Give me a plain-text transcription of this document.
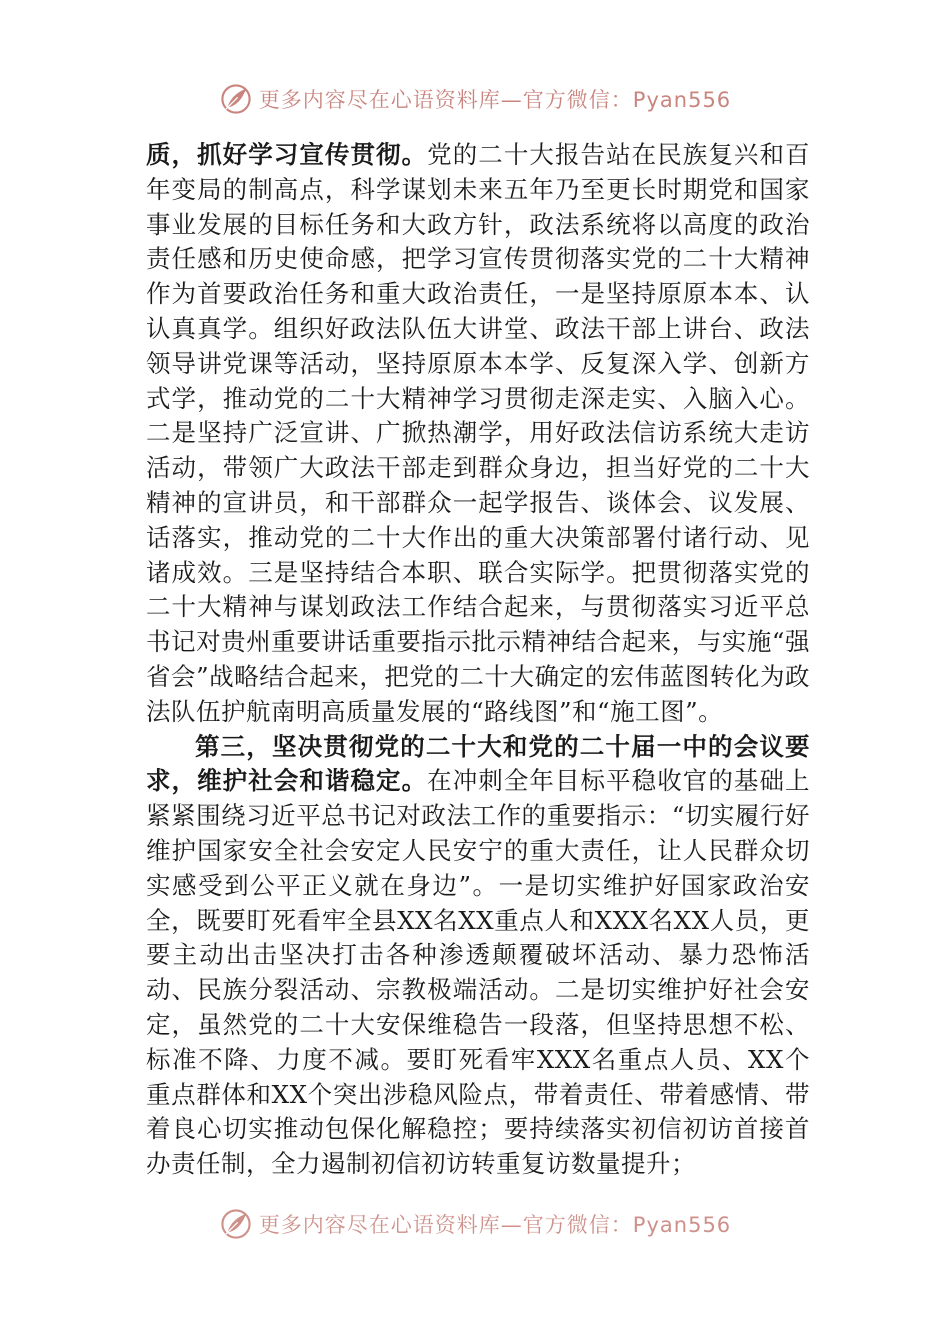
更多内容尽在心语资料库—官方微信：Pyan556

质，抓好学习宣传贯彻。党的二十大报告站在民族复兴和百年变局的制高点，科学谋划未来五年乃至更长时期党和国家事业发展的目标任务和大政方针，政法系统将以高度的政治责任感和历史使命感，把学习宣传贯彻落实党的二十大精神作为首要政治任务和重大政治责任，一是坚持原原本本、认认真真学。组织好政法队伍大讲堂、政法干部上讲台、政法领导讲党课等活动，坚持原原本本学、反复深入学、创新方式学，推动党的二十大精神学习贯彻走深走实、入脑入心。二是坚持广泛宣讲、广掀热潮学，用好政法信访系统大走访活动，带领广大政法干部走到群众身边，担当好党的二十大精神的宣讲员，和干部群众一起学报告、谈体会、议发展、话落实，推动党的二十大作出的重大决策部署付诸行动、见诸成效。三是坚持结合本职、联合实际学。把贯彻落实党的二十大精神与谋划政法工作结合起来，与贯彻落实习近平总书记对贵州重要讲话重要指示批示精神结合起来，与实施“强省会”战略结合起来，把党的二十大确定的宏伟蓝图转化为政法队伍护航南明高质量发展的“路线图”和“施工图”。

第三，坚决贯彻党的二十大和党的二十届一中的会议要求，维护社会和谐稳定。在冲刺全年目标平稳收官的基础上紧紧围绕习近平总书记对政法工作的重要指示：“切实履行好维护国家安全社会安定人民安宁的重大责任，让人民群众切实感受到公平正义就在身边”。一是切实维护好国家政治安全，既要盯死看牢全县XX名XX重点人和XXX名XX人员，更要主动出击坚决打击各种渗透颠覆破坏活动、暴力恐怖活动、民族分裂活动、宗教极端活动。二是切实维护好社会安定，虽然党的二十大安保维稳告一段落，但坚持思想不松、标准不降、力度不减。要盯死看牢XXX名重点人员、XX个重点群体和XX个突出涉稳风险点，带着责任、带着感情、带着良心切实推动包保化解稳控；要持续落实初信初访首接首办责任制，全力遏制初信初访转重复访数量提升；

更多内容尽在心语资料库—官方微信：Pyan556
